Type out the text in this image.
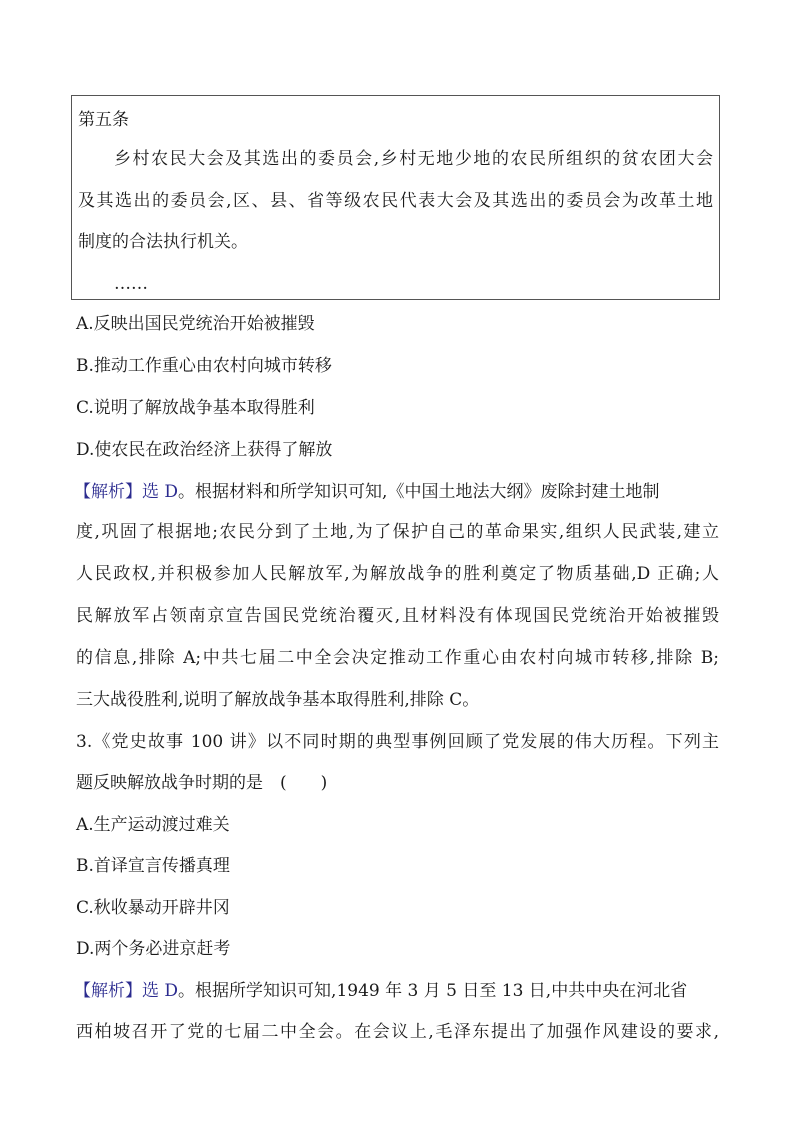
第五条
乡村农民大会及其选出的委员会,乡村无地少地的农民所组织的贫农团大会
及其选出的委员会,区、县、省等级农民代表大会及其选出的委员会为改革土地
制度的合法执行机关。
……
A.反映出国民党统治开始被摧毁
B.推动工作重心由农村向城市转移
C.说明了解放战争基本取得胜利
D.使农民在政治经济上获得了解放
【解析】选 D。根据材料和所学知识可知,《中国土地法大纲》废除封建土地制
度,巩固了根据地;农民分到了土地,为了保护自己的革命果实,组织人民武装,建立
人民政权,并积极参加人民解放军,为解放战争的胜利奠定了物质基础,D 正确;人
民解放军占领南京宣告国民党统治覆灭,且材料没有体现国民党统治开始被摧毁
的信息,排除 A;中共七届二中全会决定推动工作重心由农村向城市转移,排除 B;
三大战役胜利,说明了解放战争基本取得胜利,排除 C。
3.《党史故事 100 讲》以不同时期的典型事例回顾了党发展的伟大历程。下列主
题反映解放战争时期的是　(　　)
A.生产运动渡过难关
B.首译宣言传播真理
C.秋收暴动开辟井冈
D.两个务必进京赶考
【解析】选 D。根据所学知识可知,1949 年 3 月 5 日至 13 日,中共中央在河北省
西柏坡召开了党的七届二中全会。在会议上,毛泽东提出了加强作风建设的要求,
